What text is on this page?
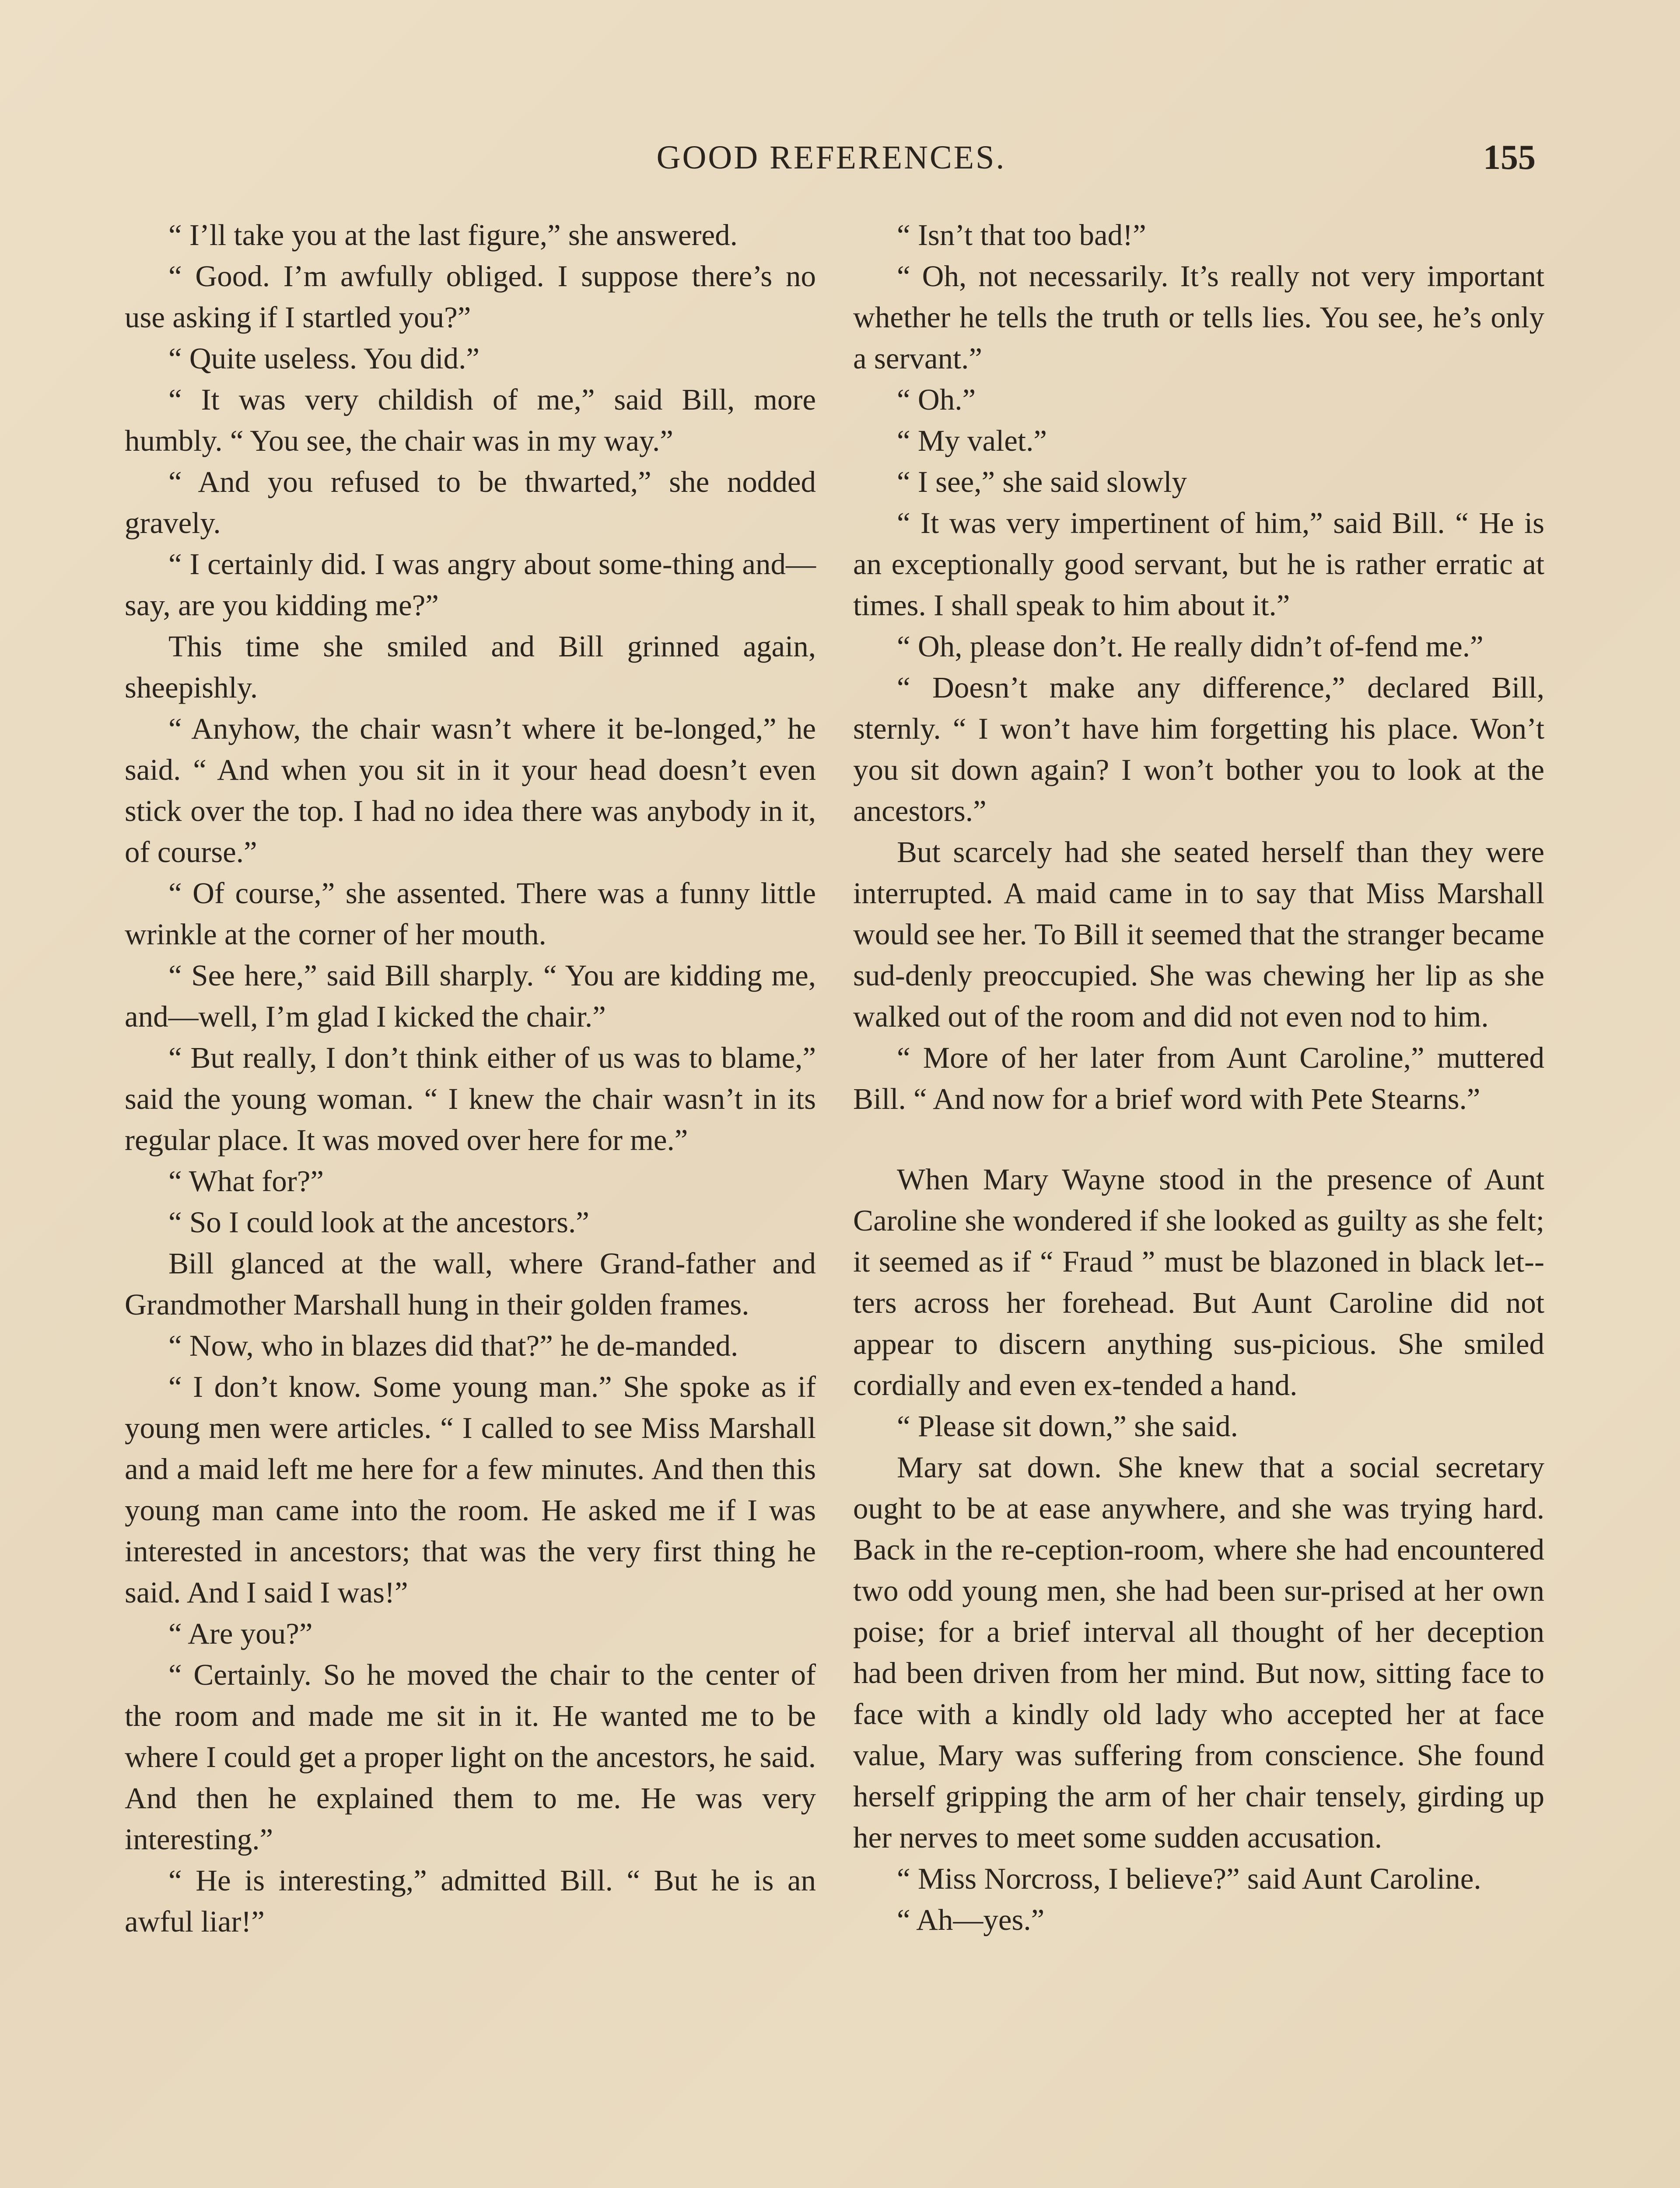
GOOD REFERENCES.	155

“ I’ll take you at the last figure,” she answered.

“ Good. I’m awfully obliged. I suppose there’s no use asking if I startled you?”

“ Quite useless. You did.”

“ It was very childish of me,” said Bill, more humbly. “ You see, the chair was in my way.”

“ And you refused to be thwarted,” she nodded gravely.

“ I certainly did. I was angry about some-thing and—say, are you kidding me?”

This time she smiled and Bill grinned again, sheepishly.

“ Anyhow, the chair wasn’t where it be-longed,” he said. “ And when you sit in it your head doesn’t even stick over the top. I had no idea there was anybody in it, of course.”

“ Of course,” she assented. There was a funny little wrinkle at the corner of her mouth.

“ See here,” said Bill sharply. “ You are kidding me, and—well, I’m glad I kicked the chair.”

“ But really, I don’t think either of us was to blame,” said the young woman. “ I knew the chair wasn’t in its regular place. It was moved over here for me.”

“ What for?”

“ So I could look at the ancestors.”

Bill glanced at the wall, where Grand-father and Grandmother Marshall hung in their golden frames.

“ Now, who in blazes did that?” he de-manded.

“ I don’t know. Some young man.” She spoke as if young men were articles. “ I called to see Miss Marshall and a maid left me here for a few minutes. And then this young man came into the room. He asked me if I was interested in ancestors; that was the very first thing he said. And I said I was!”

“ Are you?”

“ Certainly. So he moved the chair to the center of the room and made me sit in it. He wanted me to be where I could get a proper light on the ancestors, he said. And then he explained them to me. He was very interesting.”

“ He is interesting,” admitted Bill. “ But he is an awful liar!”

“ Isn’t that too bad!”

“ Oh, not necessarily. It’s really not very important whether he tells the truth or tells lies. You see, he’s only a servant.”

“ Oh.”

“ My valet.”

“ I see,” she said slowly

“ It was very impertinent of him,” said Bill. “ He is an exceptionally good servant, but he is rather erratic at times. I shall speak to him about it.”

“ Oh, please don’t. He really didn’t of-fend me.”

“ Doesn’t make any difference,” declared Bill, sternly. “ I won’t have him forgetting his place. Won’t you sit down again? I won’t bother you to look at the ancestors.”

But scarcely had she seated herself than they were interrupted. A maid came in to say that Miss Marshall would see her. To Bill it seemed that the stranger became sud-denly preoccupied. She was chewing her lip as she walked out of the room and did not even nod to him.

“ More of her later from Aunt Caroline,” muttered Bill. “ And now for a brief word with Pete Stearns.”

When Mary Wayne stood in the presence of Aunt Caroline she wondered if she looked as guilty as she felt; it seemed as if “ Fraud ” must be blazoned in black let-ters across her forehead. But Aunt Caroline did not appear to discern anything sus-picious. She smiled cordially and even ex-tended a hand.

“ Please sit down,” she said.

Mary sat down. She knew that a social secretary ought to be at ease anywhere, and she was trying hard. Back in the re-ception-room, where she had encountered two odd young men, she had been sur-prised at her own poise; for a brief interval all thought of her deception had been driven from her mind. But now, sitting face to face with a kindly old lady who accepted her at face value, Mary was suffering from conscience. She found herself gripping the arm of her chair tensely, girding up her nerves to meet some sudden accusation.

“ Miss Norcross, I believe?” said Aunt Caroline.

“ Ah—yes.”
